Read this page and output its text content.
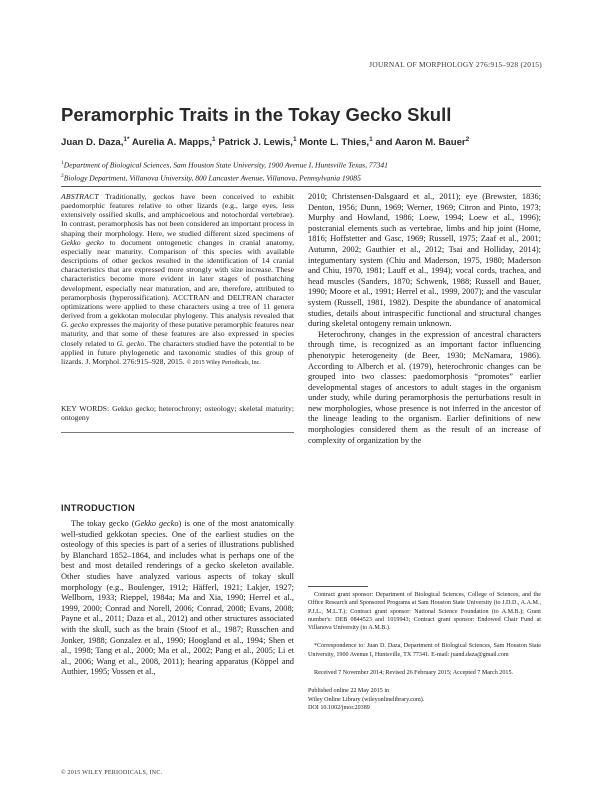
JOURNAL OF MORPHOLOGY 276:915–928 (2015)
Peramorphic Traits in the Tokay Gecko Skull
Juan D. Daza,$^{1*}$ Aurelia A. Mapps,$^1$ Patrick J. Lewis,$^1$ Monte L. Thies,$^1$ and Aaron M. Bauer$^2$
$^1$Department of Biological Sciences, Sam Houston State University, 1900 Avenue I, Huntsville Texas, 77341
$^2$Biology Department, Villanova University, 800 Lancaster Avenue, Villanova, Pennsylvania 19085

ABSTRACT Traditionally, geckos have been conceived to exhibit paedomorphic features relative to other lizards (e.g., large eyes, less extensively ossified skulls, and amphicoelous and notochordal vertebrae). In contrast, peramorphosis has not been considered an important process in shaping their morphology. Here, we studied different sized specimens of Gekko gecko to document ontogenetic changes in cranial anatomy, especially near maturity. Comparison of this species with available descriptions of other geckos resulted in the identification of 14 cranial characteristics that are expressed more strongly with size increase. These characteristics become more evident in later stages of posthatching development, especially near maturation, and are, therefore, attributed to peramorphosis (hyperossification). ACCTRAN and DELTRAN character optimizations were applied to these characters using a tree of 11 genera derived from a gekkotan molecular phylogeny. This analysis revealed that G. gecko expresses the majority of these putative peramorphic features near maturity, and that some of these features are also expressed in species closely related to G. gecko. The characters studied have the potential to be applied in future phylogenetic and taxonomic studies of this group of lizards. J. Morphol. 276:915–928, 2015. © 2015 Wiley Periodicals, Inc.

KEY WORDS: Gekko gecko; heterochrony; osteology; skeletal maturity; ontogeny
INTRODUCTION

The tokay gecko (Gekko gecko) is one of the most anatomically well-studied gekkotan species. One of the earliest studies on the osteology of this species is part of a series of illustrations published by Blanchard 1852–1864, and includes what is perhaps one of the best and most detailed renderings of a gecko skeleton available. Other studies have analyzed various aspects of tokay skull morphology (e.g., Boulenger, 1912; Häfferl, 1921; Lakjer, 1927; Wellborn, 1933; Rieppel, 1984a; Ma and Xia, 1990; Herrel et al., 1999, 2000; Conrad and Norell, 2006; Conrad, 2008; Evans, 2008; Payne et al., 2011; Daza et al., 2012) and other structures associated with the skull, such as the brain (Stoof et al., 1987; Russchen and Jonker, 1988; Gonzalez et al., 1990; Hoogland et al., 1994; Shen et al., 1998; Tang et al., 2000; Ma et al., 2002; Pang et al., 2005; Li et al., 2006; Wang et al., 2008, 2011); hearing apparatus (Köppel and Authier, 1995; Vossen et al.,

2010; Christensen-Dalsgaard et al., 2011); eye (Brewster, 1836; Denton, 1956; Dunn, 1969; Werner, 1969; Citron and Pinto, 1973; Murphy and Howland, 1986; Loew, 1994; Loew et al., 1996); postcranial elements such as vertebrae, limbs and hip joint (Home, 1816; Hoffstetter and Gasc, 1969; Russell, 1975; Zaaf et al., 2001; Autumn, 2002; Gauthier et al., 2012; Tsai and Holliday, 2014); integumentary system (Chiu and Maderson, 1975, 1980; Maderson and Chiu, 1970, 1981; Lauff et al., 1994); vocal cords, trachea, and head muscles (Sanders, 1870; Schwenk, 1988; Russell and Bauer, 1990; Moore et al., 1991; Herrel et al., 1999, 2007); and the vascular system (Russell, 1981, 1982). Despite the abundance of anatomical studies, details about intraspecific functional and structural changes during skeletal ontogeny remain unknown.

Heterochrony, changes in the expression of ancestral characters through time, is recognized as an important factor influencing phenotypic heterogeneity (de Beer, 1930; McNamara, 1986). According to Alberch et al. (1979), heterochronic changes can be grouped into two classes: paedomorphosis “promotes” earlier developmental stages of ancestors to adult stages in the organism under study, while during peramorphosis the perturbations result in new morphologies, whose presence is not inferred in the ancestor of the lineage leading to the organism. Earlier definitions of new morphologies considered them as the result of an increase of complexity of organization by the

Contract grant sponsor: Department of Biological Sciences, College of Sciences, and the Office Research and Sponsored Programs at Sam Houston State University (to J.D.D., A.A.M., P.J.L., M.L.T.); Contract grant sponsor: National Science Foundation (to A.M.B.); Grant number's: DEB 0844523 and 1019943; Contract grant sponsor: Endowed Chair Fund at Villanova University (to A.M.B.).

*Correspondence to: Juan D. Daza, Department of Biological Sciences, Sam Houston State University, 1900 Avenue I, Huntsville, TX 77341. E-mail: juand.daza@gmail.com

Received 7 November 2014; Revised 26 February 2015; Accepted 7 March 2015.

Published online 22 May 2015 in

Wiley Online Library (wileyonlinelibrary.com).

DOI 10.1002/jmor.20389

© 2015 WILEY PERIODICALS, INC.
